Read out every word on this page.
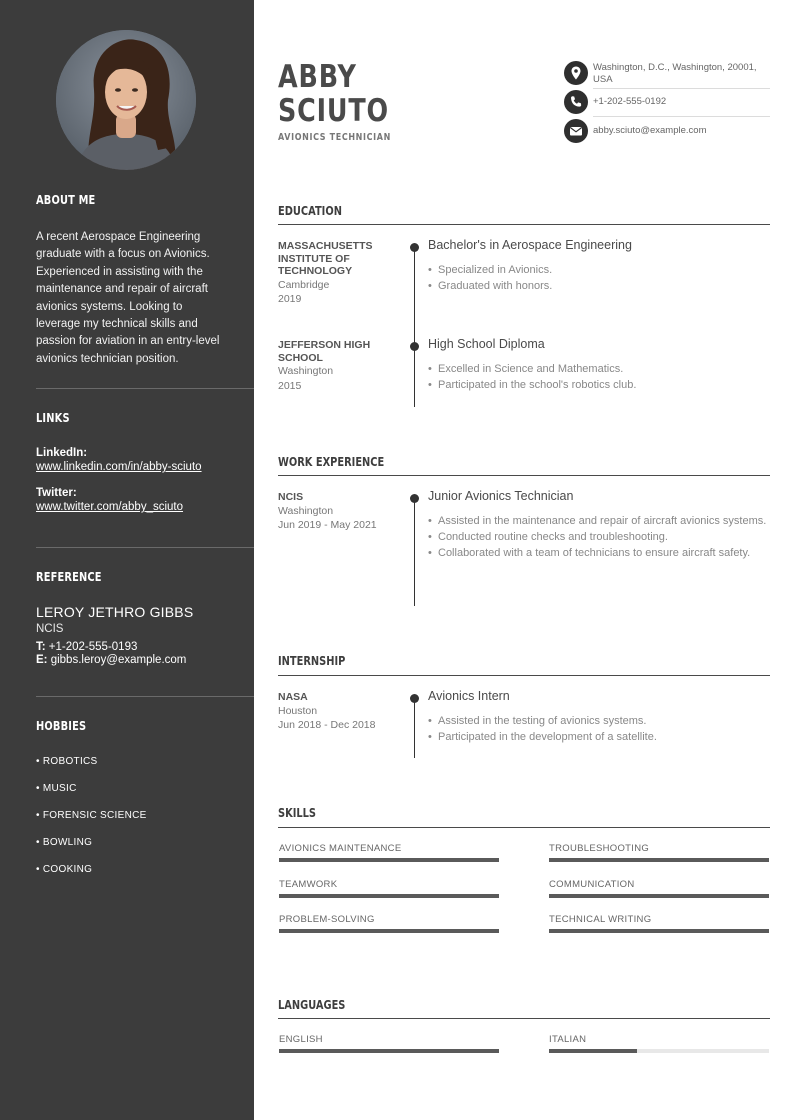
ABOUT ME
A recent Aerospace Engineering graduate with a focus on Avionics. Experienced in assisting with the maintenance and repair of aircraft avionics systems. Looking to leverage my technical skills and passion for aviation in an entry-level avionics technician position.
LINKS
LinkedIn:
www.linkedin.com/in/abby-sciuto
Twitter:
www.twitter.com/abby_sciuto
REFERENCE
LEROY JETHRO GIBBS
NCIS
T: +1-202-555-0193
E: gibbs.leroy@example.com
HOBBIES
• ROBOTICS
• MUSIC
• FORENSIC SCIENCE
• BOWLING
• COOKING
ABBY
SCIUTO
AVIONICS TECHNICIAN
Washington, D.C., Washington, 20001, USA
+1-202-555-0192
abby.sciuto@example.com
EDUCATION
MASSACHUSETTS INSTITUTE OF TECHNOLOGY
Cambridge
2019
Bachelor's in Aerospace Engineering
• Specialized in Avionics.
• Graduated with honors.
JEFFERSON HIGH SCHOOL
Washington
2015
High School Diploma
• Excelled in Science and Mathematics.
• Participated in the school's robotics club.
WORK EXPERIENCE
NCIS
Washington
Jun 2019 - May 2021
Junior Avionics Technician
• Assisted in the maintenance and repair of aircraft avionics systems.
• Conducted routine checks and troubleshooting.
• Collaborated with a team of technicians to ensure aircraft safety.
INTERNSHIP
NASA
Houston
Jun 2018 - Dec 2018
Avionics Intern
• Assisted in the testing of avionics systems.
• Participated in the development of a satellite.
SKILLS
AVIONICS MAINTENANCE	TROUBLESHOOTING
TEAMWORK	COMMUNICATION
PROBLEM-SOLVING	TECHNICAL WRITING
LANGUAGES
ENGLISH	ITALIAN
